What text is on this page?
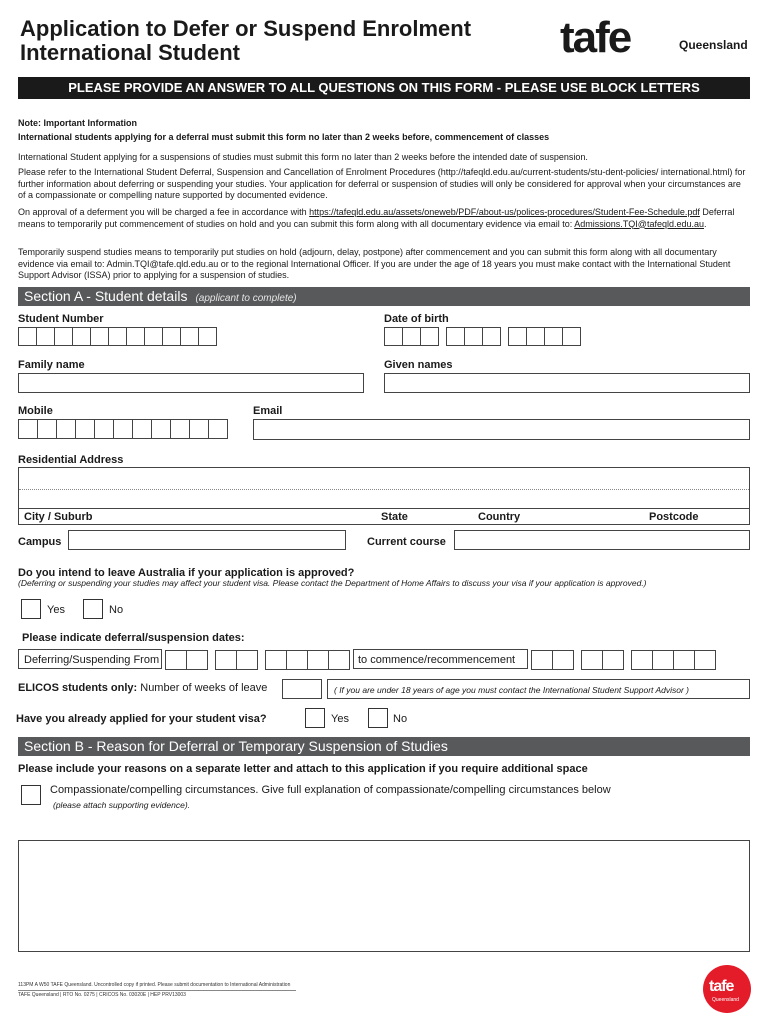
Application to Defer or Suspend Enrolment
International Student	tafe	Queensland
PLEASE PROVIDE AN ANSWER TO ALL QUESTIONS ON THIS FORM - PLEASE USE BLOCK LETTERS
Note: Important Information
International students applying for a deferral must submit this form no later than 2 weeks before, commencement of classes
International Student applying for a suspensions of studies must submit this form no later than 2 weeks before the intended date of suspension.
Please refer to the International Student Deferral, Suspension and Cancellation of Enrolment Procedures (http://tafeqld.edu.au/current-students/stu-dent-policies/ international.html) for further information about deferring or suspending your studies. Your application for deferral or suspension of studies will only be considered for approval when your circumstances are of a compassionate or compelling nature supported by documented evidence.
On approval of a deferment you will be charged a fee in accordance with https://tafeqld.edu.au/assets/oneweb/PDF/about-us/polices-procedures/Student-Fee-Schedule.pdf Deferral means to temporarily put commencement of studies on hold and you can submit this form along with all documentary evidence via email to: Admissions.TQI@tafeqld.edu.au.
Temporarily suspend studies means to temporarily put studies on hold (adjourn, delay, postpone) after commencement and you can submit this form along with all documentary evidence via email to: Admin.TQI@tafe.qld.edu.au or to the regional International Officer. If you are under the age of 18 years you must make contact with the International Student Support Advisor (ISSA) prior to applying for a suspension of studies.
Section A - Student details (applicant to complete)
Student Number	Date of birth
Family name	Given names
Mobile	Email
Residential Address
City / Suburb	State	Country	Postcode
Campus	Current course
Do you intend to leave Australia if your application is approved?
(Deferring or suspending your studies may affect your student visa. Please contact the Department of Home Affairs to discuss your visa if your application is approved.)
Yes	No
Please indicate deferral/suspension dates:
Deferring/Suspending From	to commence/recommencement
ELICOS students only: Number of weeks of leave	( If you are under 18 years of age you must contact the International Student Support Advisor )
Have you already applied for your student visa?	Yes	No
Section B - Reason for Deferral or Temporary Suspension of Studies
Please include your reasons on a separate letter and attach to this application if you require additional space
Compassionate/compelling circumstances. Give full explanation of compassionate/compelling circumstances below
(please attach supporting evidence).
113PM A W50 TAFE Queensland. Uncontrolled copy if printed. Please submit documentation to International Administration
TAFE Queensland | RTO No. 0275 | CRICOS No. 03020E | HEP PRV13003	tafe
Queensland
